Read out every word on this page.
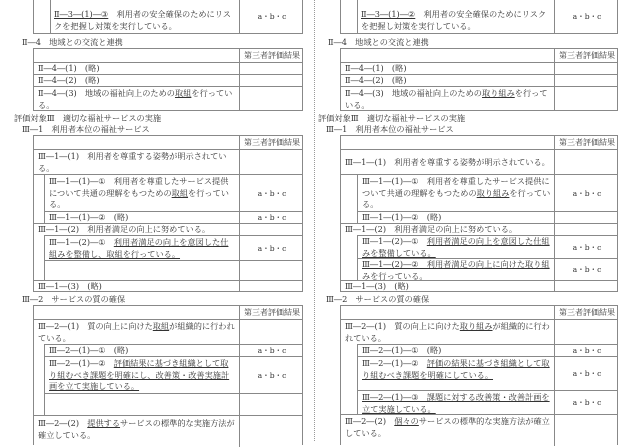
Ⅱ―3―(1)―③　利用者の安全確保のためにリス
クを把握し対策を実行している。
a・b・c
Ⅱ―4　地域との交流と連携
第三者評価結果
Ⅱ―4―(1)　(略)
Ⅱ―4―(2)　(略)
Ⅱ―4―(3)　地域の福祉向上のための取組を行ってい
る。
評価対象Ⅲ　適切な福祉サービスの実施
Ⅲ―1　利用者本位の福祉サービス
第三者評価結果
Ⅲ―1―(1)　利用者を尊重する姿勢が明示されてい
る。
Ⅲ―1―(1)―①　利用者を尊重したサービス提供
について共通の理解をもつための取組を行ってい
る。
a・b・c
Ⅲ―1―(1)―②　(略)	a・b・c
Ⅲ―1―(2)　利用者満足の向上に努めている。
Ⅲ―1―(2)―①　利用者満足の向上を意図した仕
組みを整備し、取組を行っている。
a・b・c
Ⅲ―1―(3)　(略)
Ⅲ―2　サービスの質の確保
第三者評価結果
Ⅲ―2―(1)　質の向上に向けた取組が組織的に行われ
ている。
Ⅲ―2―(1)―①　(略)	a・b・c
Ⅲ―2―(1)―②　評価結果に基づき組織として取
り組むべき課題を明確にし、改善策・改善実施計
画を立て実施している。
a・b・c
Ⅲ―2―(2)　提供するサービスの標準的な実施方法が
確立している。
Ⅱ―3―(1)―②　利用者の安全確保のためにリスク
を把握し対策を実行している。
a・b・c
Ⅱ―4　地域との交流と連携
第三者評価結果
Ⅱ―4―(1)　(略)
Ⅱ―4―(2)　(略)
Ⅱ―4―(3)　地域の福祉向上のための取り組みを行って
いる。
評価対象Ⅲ　適切な福祉サービスの実施
Ⅲ―1　利用者本位の福祉サービス
第三者評価結果
Ⅲ―1―(1)　利用者を尊重する姿勢が明示されている。
Ⅲ―1―(1)―①　利用者を尊重したサービス提供に
ついて共通の理解をもつための取り組みを行ってい
る。
a・b・c
Ⅲ―1―(1)―②　(略)
Ⅲ―1―(2)　利用者満足の向上に努めている。
Ⅲ―1―(2)―①　利用者満足の向上を意図した仕組
みを整備している。
a・b・c
Ⅲ―1―(2)―②　利用者満足の向上に向けた取り組
みを行っている。
a・b・c
Ⅲ―1―(3)　(略)
Ⅲ―2　サービスの質の確保
第三者評価結果
Ⅲ―2―(1)　質の向上に向けた取り組みが組織的に行わ
れている。
Ⅲ―2―(1)―①　(略)	a・b・c
Ⅲ―2―(1)―②　評価の結果に基づき組織として取
り組むべき課題を明確にしている。	a・b・c
Ⅲ―2―(1)―③　課題に対する改善策・改善計画を
立て実施している。
a・b・c
Ⅲ―2―(2)　個々のサービスの標準的な実施方法が確立
している。
